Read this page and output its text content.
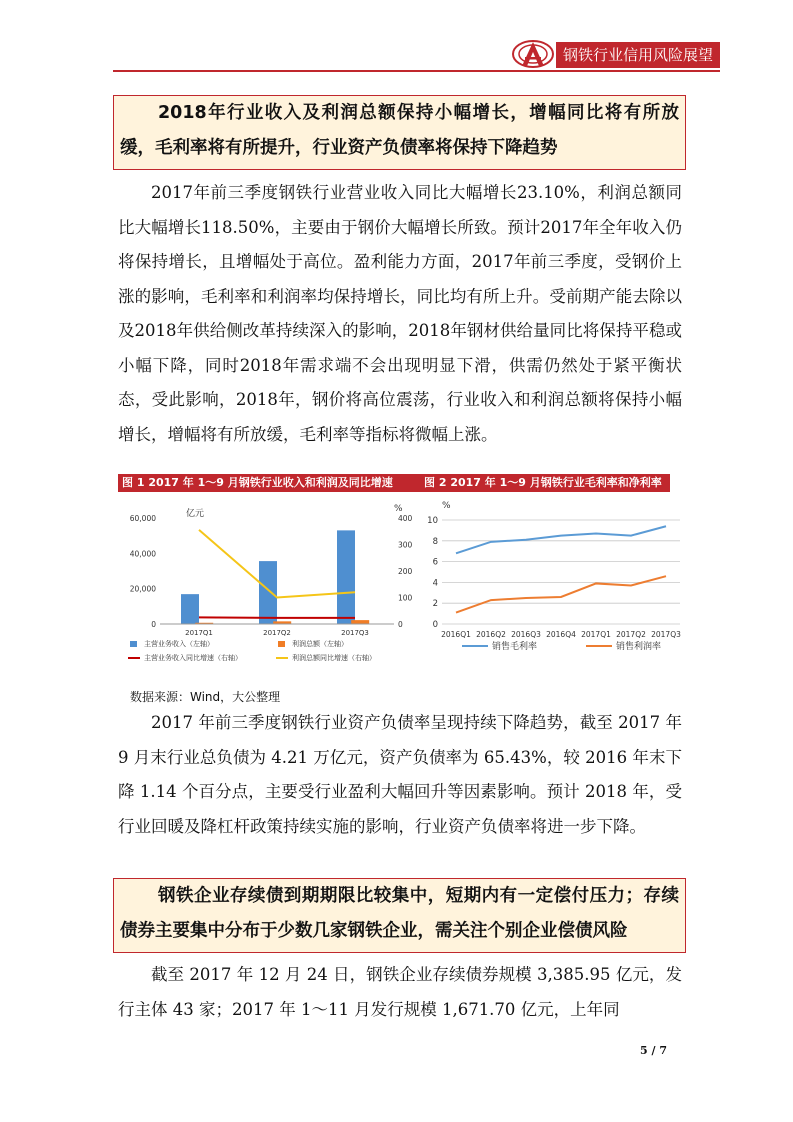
钢铁行业信用风险展望
2018年行业收入及利润总额保持小幅增长，增幅同比将有所放缓，毛利率将有所提升，行业资产负债率将保持下降趋势
2017年前三季度钢铁行业营业收入同比大幅增长23.10%，利润总额同比大幅增长118.50%，主要由于钢价大幅增长所致。预计2017年全年收入仍将保持增长，且增幅处于高位。盈利能力方面，2017年前三季度，受钢价上涨的影响，毛利率和利润率均保持增长，同比均有所上升。受前期产能去除以及2018年供给侧改革持续深入的影响，2018年钢材供给量同比将保持平稳或小幅下降，同时2018年需求端不会出现明显下滑，供需仍然处于紧平衡状态，受此影响，2018年，钢价将高位震荡，行业收入和利润总额将保持小幅增长，增幅将有所放缓，毛利率等指标将微幅上涨。
图 1 2017 年 1～9 月钢铁行业收入和利润及同比增速	图 2 2017 年 1～9 月钢铁行业毛利率和净利率
亿元	%
0
20,000
40,000
60,000
0
100
200
300
400
2017Q1	2017Q2	2017Q3
主营业务收入（左轴）	利润总额（左轴）
主营业务收入同比增速（右轴）	利润总额同比增速（右轴）
%
0
2
4
6
8
10
2016Q1 2016Q2 2016Q3 2016Q4 2017Q1 2017Q2 2017Q3
销售毛利率	销售利润率
数据来源：Wind，大公整理
2017 年前三季度钢铁行业资产负债率呈现持续下降趋势，截至 2017 年 9 月末行业总负债为 4.21 万亿元，资产负债率为 65.43%，较 2016 年末下降 1.14 个百分点，主要受行业盈利大幅回升等因素影响。预计 2018 年，受行业回暖及降杠杆政策持续实施的影响，行业资产负债率将进一步下降。
钢铁企业存续债到期期限比较集中，短期内有一定偿付压力；存续债券主要集中分布于少数几家钢铁企业，需关注个别企业偿债风险
截至 2017 年 12 月 24 日，钢铁企业存续债券规模 3,385.95 亿元，发行主体 43 家；2017 年 1～11 月发行规模 1,671.70 亿元，上年同
5 / 7
